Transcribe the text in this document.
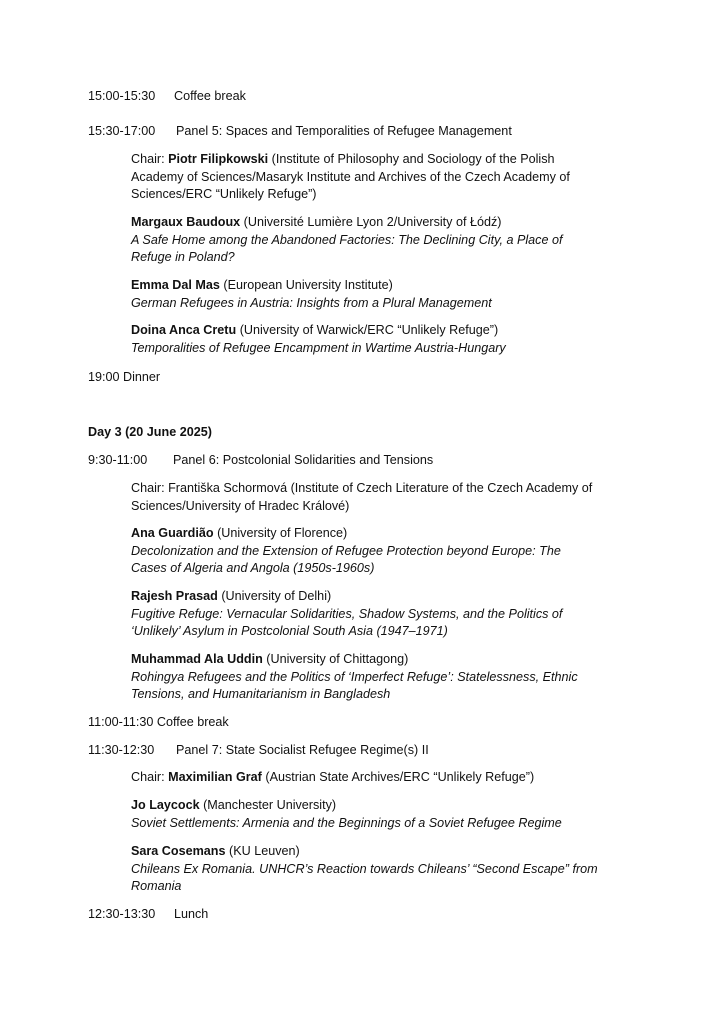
15:00-15:30 Coffee break
15:30-17:00 Panel 5: Spaces and Temporalities of Refugee Management

Chair: Piotr Filipkowski (Institute of Philosophy and Sociology of the Polish

Academy of Sciences/Masaryk Institute and Archives of the Czech Academy of

Sciences/ERC “Unlikely Refuge”)

Margaux Baudoux (Université Lumière Lyon 2/University of Łódź)

A Safe Home among the Abandoned Factories: The Declining City, a Place of

Refuge in Poland?

Emma Dal Mas (European University Institute)

German Refugees in Austria: Insights from a Plural Management

Doina Anca Cretu (University of Warwick/ERC “Unlikely Refuge”)

Temporalities of Refugee Encampment in Wartime Austria-Hungary

19:00 Dinner
Day 3 (20 June 2025)
9:30-11:00 Panel 6: Postcolonial Solidarities and Tensions

Chair: Františka Schormová (Institute of Czech Literature of the Czech Academy of

Sciences/University of Hradec Králové)

Ana Guardião (University of Florence)

Decolonization and the Extension of Refugee Protection beyond Europe: The

Cases of Algeria and Angola (1950s-1960s)

Rajesh Prasad (University of Delhi)

Fugitive Refuge: Vernacular Solidarities, Shadow Systems, and the Politics of

‘Unlikely’ Asylum in Postcolonial South Asia (1947–1971)

Muhammad Ala Uddin (University of Chittagong)

Rohingya Refugees and the Politics of ‘Imperfect Refuge’: Statelessness, Ethnic

Tensions, and Humanitarianism in Bangladesh

11:00-11:30 Coffee break
11:30-12:30 Panel 7: State Socialist Refugee Regime(s) II

Chair: Maximilian Graf (Austrian State Archives/ERC “Unlikely Refuge”)

Jo Laycock (Manchester University)

Soviet Settlements: Armenia and the Beginnings of a Soviet Refugee Regime

Sara Cosemans (KU Leuven)

Chileans Ex Romania. UNHCR’s Reaction towards Chileans’ “Second Escape” from

Romania

12:30-13:30 Lunch
